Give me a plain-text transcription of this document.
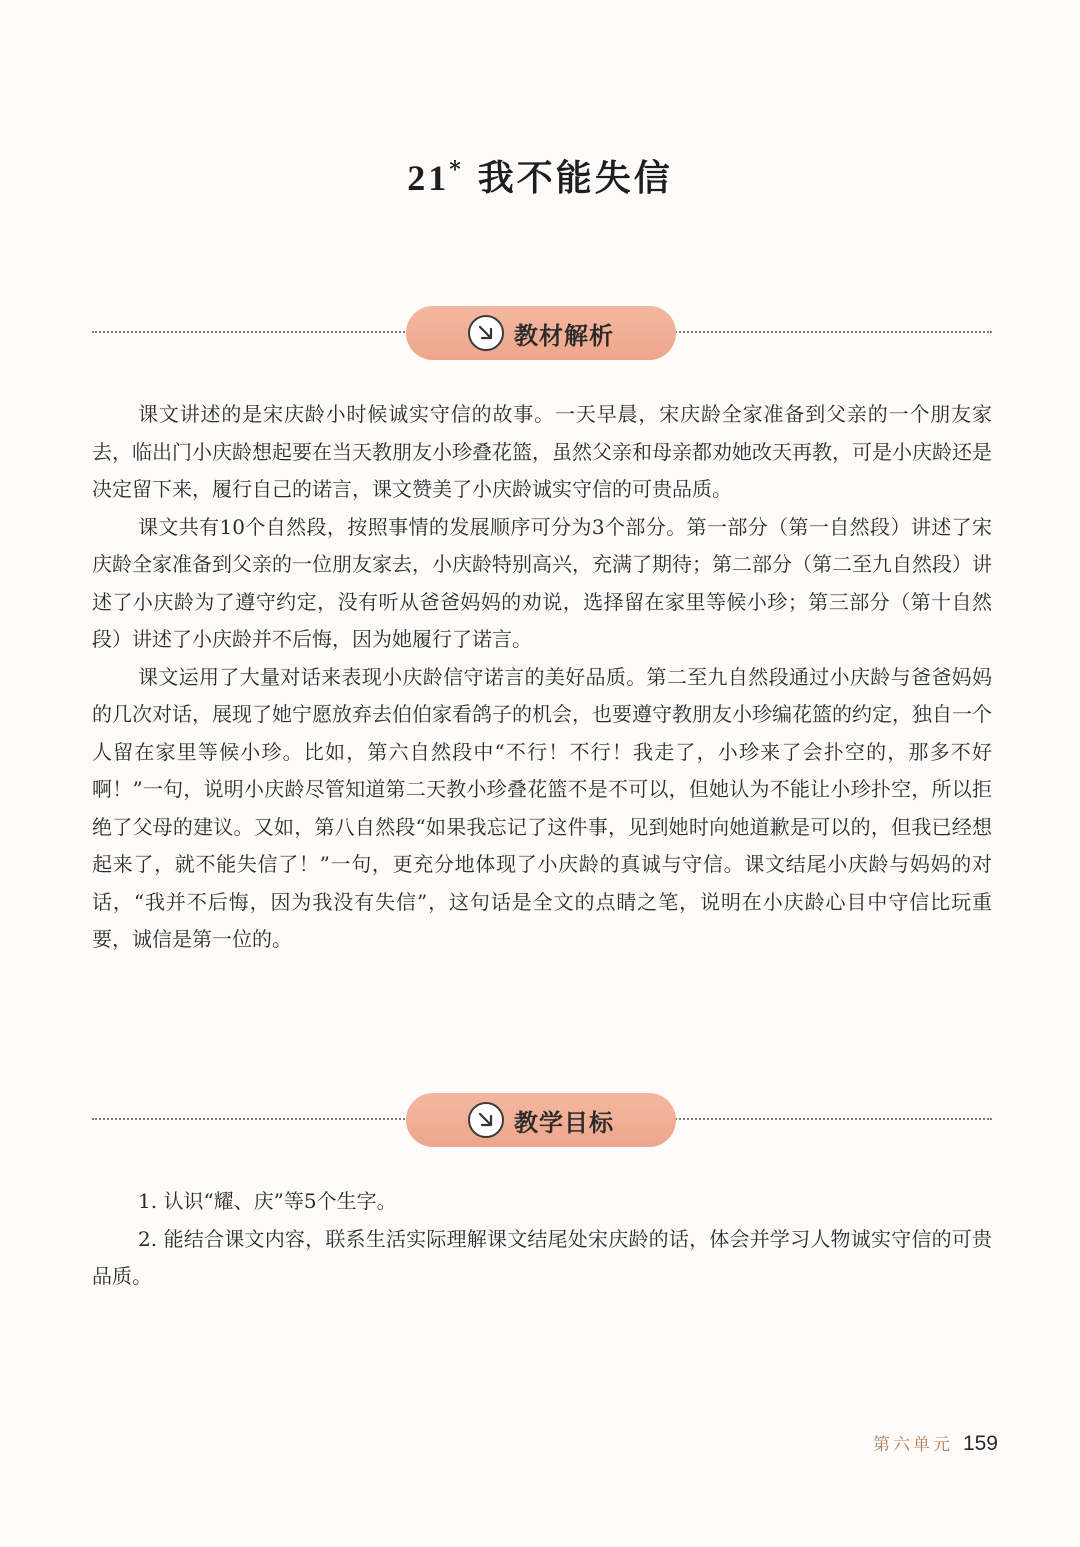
21* 我不能失信
教材解析

课文讲述的是宋庆龄小时候诚实守信的故事。一天早晨，宋庆龄全家准备到父亲的一个朋友家去，临出门小庆龄想起要在当天教朋友小珍叠花篮，虽然父亲和母亲都劝她改天再教，可是小庆龄还是决定留下来，履行自己的诺言，课文赞美了小庆龄诚实守信的可贵品质。

课文共有10个自然段，按照事情的发展顺序可分为3个部分。第一部分（第一自然段）讲述了宋庆龄全家准备到父亲的一位朋友家去，小庆龄特别高兴，充满了期待；第二部分（第二至九自然段）讲述了小庆龄为了遵守约定，没有听从爸爸妈妈的劝说，选择留在家里等候小珍；第三部分（第十自然段）讲述了小庆龄并不后悔，因为她履行了诺言。

课文运用了大量对话来表现小庆龄信守诺言的美好品质。第二至九自然段通过小庆龄与爸爸妈妈的几次对话，展现了她宁愿放弃去伯伯家看鸽子的机会，也要遵守教朋友小珍编花篮的约定，独自一个人留在家里等候小珍。比如，第六自然段中“不行！不行！我走了，小珍来了会扑空的，那多不好啊！”一句，说明小庆龄尽管知道第二天教小珍叠花篮不是不可以，但她认为不能让小珍扑空，所以拒绝了父母的建议。又如，第八自然段“如果我忘记了这件事，见到她时向她道歉是可以的，但我已经想起来了，就不能失信了！”一句，更充分地体现了小庆龄的真诚与守信。课文结尾小庆龄与妈妈的对话，“我并不后悔，因为我没有失信”，这句话是全文的点睛之笔，说明在小庆龄心目中守信比玩重要，诚信是第一位的。

教学目标

1. 认识“耀、庆”等5个生字。

2. 能结合课文内容，联系生活实际理解课文结尾处宋庆龄的话，体会并学习人物诚实守信的可贵品质。

第六单元 159
